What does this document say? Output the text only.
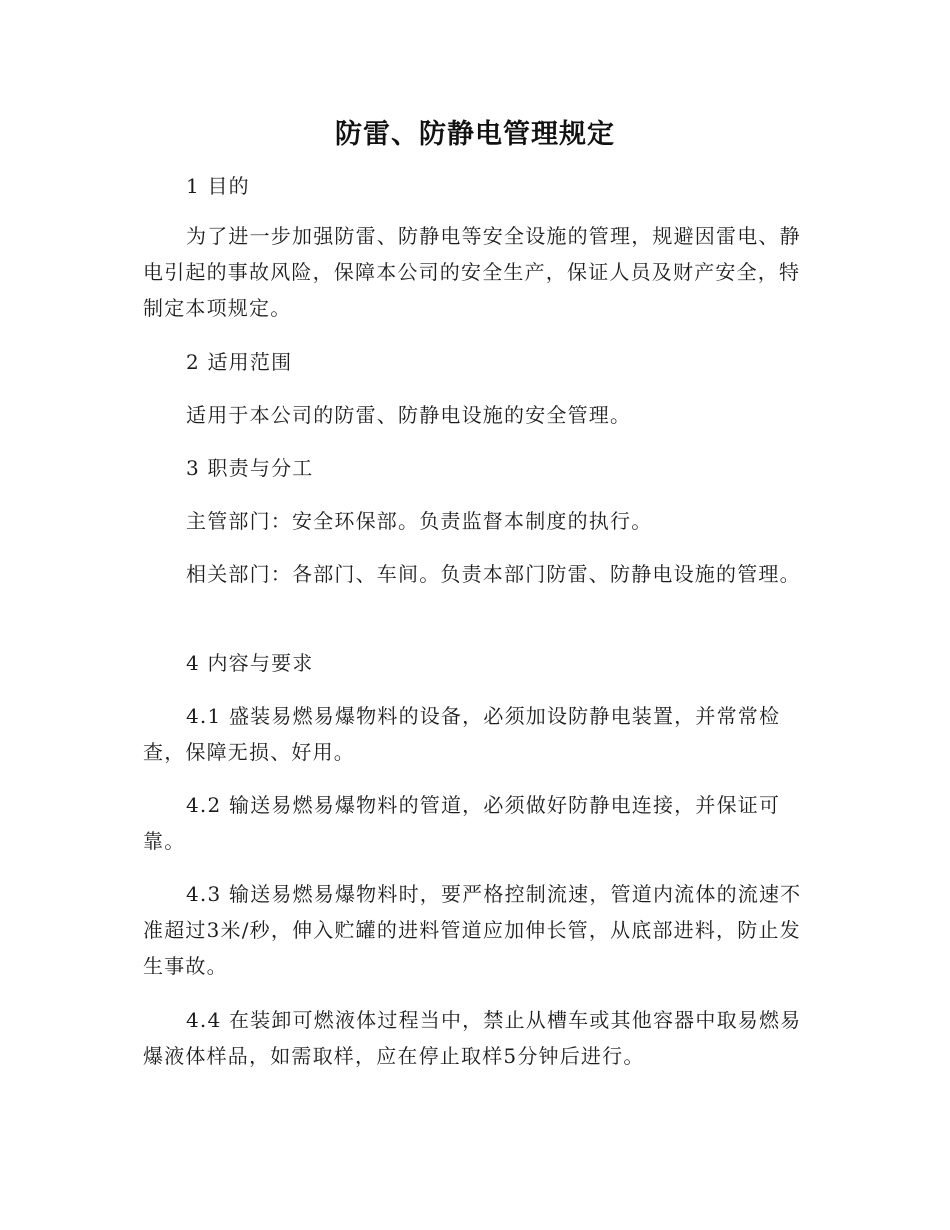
防雷、防静电管理规定

1 目的

为了进一步加强防雷、防静电等安全设施的管理，规避因雷电、静电引起的事故风险，保障本公司的安全生产，保证人员及财产安全，特制定本项规定。

2 适用范围

适用于本公司的防雷、防静电设施的安全管理。

3 职责与分工

主管部门：安全环保部。负责监督本制度的执行。

相关部门：各部门、车间。负责本部门防雷、防静电设施的管理。

4 内容与要求

4.1 盛装易燃易爆物料的设备，必须加设防静电装置，并常常检查，保障无损、好用。

4.2 输送易燃易爆物料的管道，必须做好防静电连接，并保证可靠。

4.3 输送易燃易爆物料时，要严格控制流速，管道内流体的流速不准超过3米/秒，伸入贮罐的进料管道应加伸长管，从底部进料，防止发生事故。

4.4 在装卸可燃液体过程当中，禁止从槽车或其他容器中取易燃易爆液体样品，如需取样，应在停止取样5分钟后进行。
